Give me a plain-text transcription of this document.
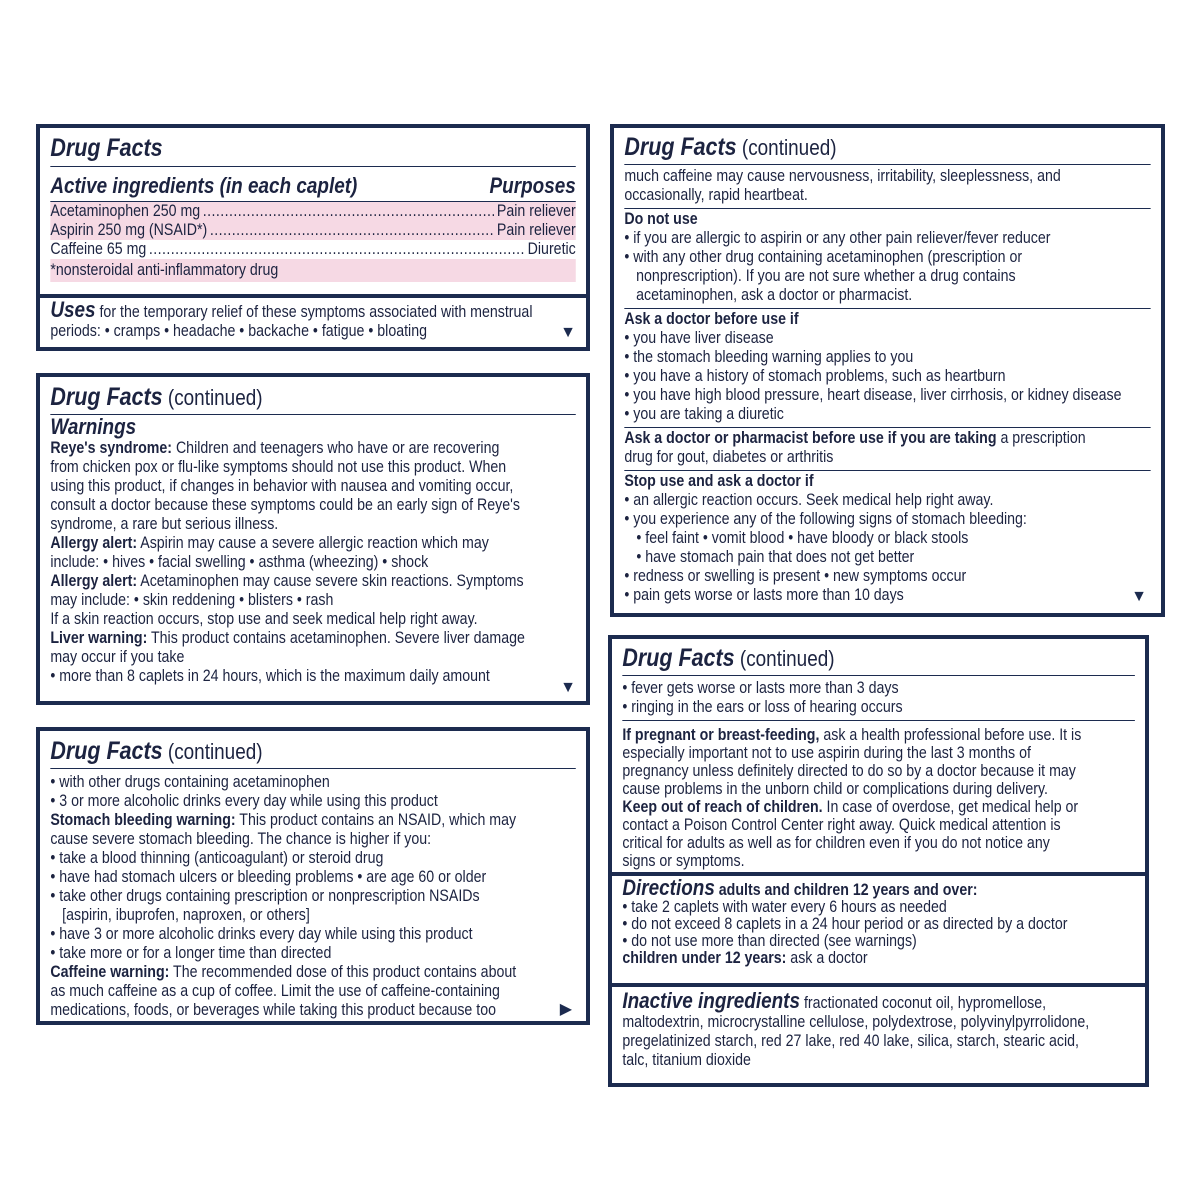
Drug Facts
Active ingredients (in each caplet)	Purposes
Acetaminophen 250 mg .....	Pain reliever
Aspirin 250 mg (NSAID*) .....	Pain reliever
Caffeine 65 mg .....	Diuretic
*nonsteroidal anti-inflammatory drug
Uses for the temporary relief of these symptoms associated with menstrual
periods: • cramps • headache • backache • fatigue • bloating	▼
Drug Facts (continued)
Warnings
Reye's syndrome: Children and teenagers who have or are recovering
from chicken pox or flu-like symptoms should not use this product. When
using this product, if changes in behavior with nausea and vomiting occur,
consult a doctor because these symptoms could be an early sign of Reye's
syndrome, a rare but serious illness.
Allergy alert: Aspirin may cause a severe allergic reaction which may
include: • hives • facial swelling • asthma (wheezing) • shock
Allergy alert: Acetaminophen may cause severe skin reactions. Symptoms
may include: • skin reddening • blisters • rash
If a skin reaction occurs, stop use and seek medical help right away.
Liver warning: This product contains acetaminophen. Severe liver damage
may occur if you take
• more than 8 caplets in 24 hours, which is the maximum daily amount
▼
Drug Facts (continued)
• with other drugs containing acetaminophen
• 3 or more alcoholic drinks every day while using this product
Stomach bleeding warning: This product contains an NSAID, which may
cause severe stomach bleeding. The chance is higher if you:
• take a blood thinning (anticoagulant) or steroid drug
• have had stomach ulcers or bleeding problems • are age 60 or older
• take other drugs containing prescription or nonprescription NSAIDs
[aspirin, ibuprofen, naproxen, or others]
• have 3 or more alcoholic drinks every day while using this product
• take more or for a longer time than directed
Caffeine warning: The recommended dose of this product contains about
as much caffeine as a cup of coffee. Limit the use of caffeine-containing
medications, foods, or beverages while taking this product because too	▶
Drug Facts (continued)
much caffeine may cause nervousness, irritability, sleeplessness, and
occasionally, rapid heartbeat.
Do not use
• if you are allergic to aspirin or any other pain reliever/fever reducer
• with any other drug containing acetaminophen (prescription or
nonprescription). If you are not sure whether a drug contains
acetaminophen, ask a doctor or pharmacist.
Ask a doctor before use if
• you have liver disease
• the stomach bleeding warning applies to you
• you have a history of stomach problems, such as heartburn
• you have high blood pressure, heart disease, liver cirrhosis, or kidney disease
• you are taking a diuretic
Ask a doctor or pharmacist before use if you are taking a prescription
drug for gout, diabetes or arthritis
Stop use and ask a doctor if
• an allergic reaction occurs. Seek medical help right away.
• you experience any of the following signs of stomach bleeding:
• feel faint • vomit blood • have bloody or black stools
• have stomach pain that does not get better
• redness or swelling is present • new symptoms occur
• pain gets worse or lasts more than 10 days	▼
Drug Facts (continued)
• fever gets worse or lasts more than 3 days
• ringing in the ears or loss of hearing occurs
If pregnant or breast-feeding, ask a health professional before use. It is
especially important not to use aspirin during the last 3 months of
pregnancy unless definitely directed to do so by a doctor because it may
cause problems in the unborn child or complications during delivery.
Keep out of reach of children. In case of overdose, get medical help or
contact a Poison Control Center right away. Quick medical attention is
critical for adults as well as for children even if you do not notice any
signs or symptoms.
Directions adults and children 12 years and over:
• take 2 caplets with water every 6 hours as needed
• do not exceed 8 caplets in a 24 hour period or as directed by a doctor
• do not use more than directed (see warnings)
children under 12 years: ask a doctor
Inactive ingredients fractionated coconut oil, hypromellose,
maltodextrin, microcrystalline cellulose, polydextrose, polyvinylpyrrolidone,
pregelatinized starch, red 27 lake, red 40 lake, silica, starch, stearic acid,
talc, titanium dioxide
